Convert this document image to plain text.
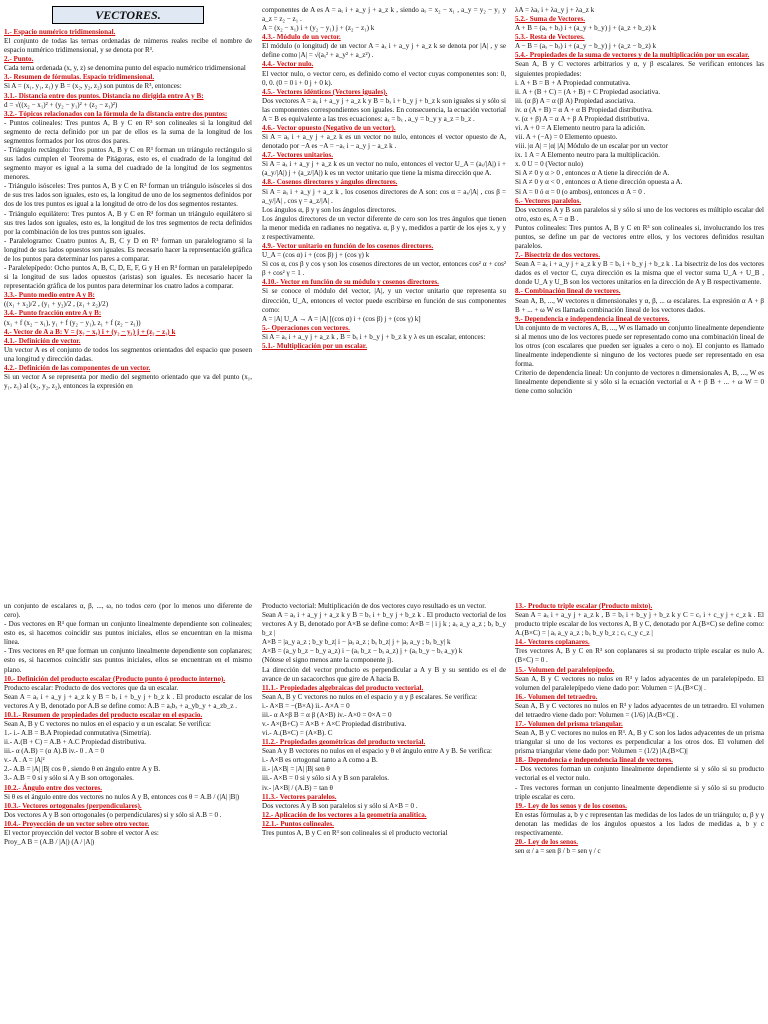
VECTORES.
1.- Espacio numérico tridimensional.
El conjunto de todas las ternas ordenadas de números reales recibe el nombre de espacio numérico tridimensional, y se denota por R³.
2.- Punto.
Cada terna ordenada (x, y, z) se denomina punto del espacio numérico tridimensional
3.- Resumen de fórmulas. Espacio tridimensional.
Si A = (x₁, y₁, z₁) y B = (x₂, y₂, z₂) son puntos de R³, entonces:
3.1.- Distancia entre dos puntos. Distancia no dirigida entre A y B:
d = √((x₂ − x₁)² + (y₂ − y₁)² + (z₂ − z₁)²)
3.2.- Tópicos relacionados con la fórmula de la distancia entre dos puntos:
- Puntos colineales: Tres puntos A, B y C en R³ son colineales si la longitud del segmento de recta definido por un par de ellos es la suma de la longitud de los segmentos formados por los otros dos pares.
- Triángulo rectángulo: Tres puntos A, B y C en R³ forman un triángulo rectángulo si sus lados cumplen el Teorema de Pitágoras, esto es, el cuadrado de la longitud del segmento mayor es igual a la suma del cuadrado de la longitud de los segmentos menores.
- Triángulo isósceles: Tres puntos A, B y C en R³ forman un triángulo isósceles si dos de sus tres lados son iguales, esto es, la longitud de uno de los segmentos definidos por dos de los tres puntos es igual a la longitud de otro de los dos segmentos restantes.
- Triángulo equilátero: Tres puntos A, B y C en R³ forman un triángulo equilátero si sus tres lados son iguales, esto es, la longitud de los tres segmentos de recta definidos por la combinación de los tres puntos son iguales.
- Paralelogramo: Cuatro puntos A, B, C y D en R³ forman un paralelogramo si la longitud de sus lados opuestos son iguales. Es necesario hacer la representación gráfica de los puntos para determinar los pares a comparar.
- Paralelepípedo: Ocho puntos A, B, C, D, E, F, G y H en R³ forman un paralelepípedo si la longitud de sus lados opuestos (aristas) son iguales. Es necesario hacer la representación gráfica de los puntos para determinar los cuatro lados a comparar.
3.3.- Punto medio entre A y B:
((x₁ + x₂)/2 , (y₁ + y₂)/2 , (z₁ + z₂)/2)
3.4.- Punto fracción entre A y B:
(x₁ + f (x₂ − x₁), y₁ + f (y₂ − y₁), z₁ + f (z₂ − z₁))
4.- Vector de A a B: V = (x₂ − x₁) i + (y₂ − y₁) j + (z₂ − z₁) k
4.1.- Definición de vector.
Un vector A es el conjunto de todos los segmentos orientados del espacio que poseen una longitud y dirección dadas.
4.2.- Definición de las componentes de un vector.
Si un vector A se representa por medio del segmento orientado que va del punto (x₁, y₁, z₁) al (x₂, y₂, z₂), entonces la expresión en
componentes de A es A = aₓ i + a_y j + a_z k , siendo aₓ = x₂ − x₁ , a_y = y₂ − y₁ y a_z = z₂ − z₁ .
A = (x₂ − x₁) i + (y₂ − y₁) j + (z₂ − z₁) k
4.3.- Módulo de un vector.
El módulo (o longitud) de un vector A = aₓ i + a_y j + a_z k se denota por |A| , y se define como |A| = √(aₓ² + a_y² + a_z²) .
4.4.- Vector nulo.
El vector nulo, o vector cero, es definido como el vector cuyas componentes son: 0, 0, 0. (0 = 0 i + 0 j + 0 k).
4.5.- Vectores idénticos (Vectores iguales).
Dos vectores A = aₓ i + a_y j + a_z k y B = bₓ i + b_y j + b_z k son iguales si y sólo si las componentes correspondientes son iguales. En consecuencia, la ecuación vectorial A = B es equivalente a las tres ecuaciones: aₓ = bₓ , a_y = b_y y a_z = b_z .
4.6.- Vector opuesto (Negativo de un vector).
Si A = aₓ i + a_y j + a_z k es un vector no nulo, entonces el vector opuesto de A, denotado por −A es −A = −aₓ i − a_y j − a_z k .
4.7.- Vectores unitarios.
Si A = aₓ i + a_y j + a_z k es un vector no nulo, entonces el vector U_A = (aₓ/|A|) i + (a_y/|A|) j + (a_z/|A|) k es un vector unitario que tiene la misma dirección que A.
4.8.- Cosenos directores y ángulos directores.
Si A = aₓ i + a_y j + a_z k , los cosenos directores de A son: cos α = aₓ/|A| , cos β = a_y/|A| , cos γ = a_z/|A| .
Los ángulos α, β y γ son los ángulos directores.
Los ángulos directores de un vector diferente de cero son los tres ángulos que tienen la menor medida en radianes no negativa. α, β y γ, medidos a partir de los ejes x, y y z respectivamente.
4.9.- Vector unitario en función de los cosenos directores.
U_A = (cos α) i + (cos β) j + (cos γ) k
Si cos α, cos β y cos γ son los cosenos directores de un vector, entonces cos² α + cos² β + cos² γ = 1 .
4.10.- Vector en función de su módulo y cosenos directores.
Si se conoce el módulo del vector, |A|, y un vector unitario que representa su dirección, U_A, entonces el vector puede escribirse en función de sus componentes como:
A = |A| U_A → A = |A| [(cos α) i + (cos β) j + (cos γ) k]
5.- Operaciones con vectores.
Si A = aₓ i + a_y j + a_z k , B = bₓ i + b_y j + b_z k y λ es un escalar, entonces:
5.1.- Multiplicación por un escalar.
λA = λaₓ i + λa_y j + λa_z k
5.2.- Suma de Vectores.
A + B = (aₓ + bₓ) i + (a_y + b_y) j + (a_z + b_z) k
5.3.- Resta de Vectores.
A − B = (aₓ − bₓ) i + (a_y − b_y) j + (a_z − b_z) k
5.4.- Propiedades de la suma de vectores y de la multiplicación por un escalar.
Sean A, B y C vectores arbitrarios y α, y β escalares. Se verifican entonces las siguientes propiedades:
i. A + B = B + A Propiedad conmutativa.
ii. A + (B + C) = (A + B) + C Propiedad asociativa.
iii. (α β) A = α (β A) Propiedad asociativa.
iv. α (A + B) = α A + α B Propiedad distributiva.
v. (α + β) A = α A + β A Propiedad distributiva.
vi. A + 0 = A Elemento neutro para la adición.
vii. A + (−A) = 0 Elemento opuesto.
viii. |α A| = |α| |A| Módulo de un escalar por un vector
ix. 1 A = A Elemento neutro para la multiplicación.
x. 0 U = 0 (Vector nulo)
Si A ≠ 0 y α > 0 , entonces α A tiene la dirección de A.
Si A ≠ 0 y α < 0 , entonces α A tiene dirección opuesta a A.
Si A = 0 ó α = 0 (o ambos), entonces α A = 0 .
6.- Vectores paralelos.
Dos vectores A y B son paralelos si y sólo si uno de los vectores es múltiplo escalar del otro, esto es, A = α B .
Puntos colineales: Tres puntos A, B y C en R³ son colineales si, involucrando los tres puntos, se define un par de vectores entre ellos, y los vectores definidos resultan paralelos.
7.- Bisectriz de dos vectores.
Sean A = aₓ i + a_y j + a_z k y B = bₓ i + b_y j + b_z k . La bisectriz de los dos vectores dados es el vector C, cuya dirección es la misma que el vector suma U_A + U_B , donde U_A y U_B son los vectores unitarios en la dirección de A y B respectivamente.
8.- Combinación lineal de vectores.
Sean A, B, ..., W vectores n dimensionales y α, β, ... ω escalares. La expresión α A + β B + ... + ω W es llamada combinación lineal de los vectores dados.
9.- Dependencia e independencia lineal de vectores.
Un conjunto de m vectores A, B, ..., W es llamado un conjunto linealmente dependiente si al menos uno de los vectores puede ser representado como una combinación lineal de los otros (con escalares que pueden ser iguales a cero o no). El conjunto es llamado linealmente independiente si ninguno de los vectores puede ser representado en esa forma.
Criterio de dependencia lineal: Un conjunto de vectores n dimensionales A, B, ..., W es linealmente dependiente si y sólo si la ecuación vectorial α A + β B + ... + ω W = 0 tiene como solución
un conjunto de escalares α, β, ..., ω, no todos cero (por lo menos uno diferente de cero).
- Dos vectores en R³ que forman un conjunto linealmente dependiente son colineales; esto es, si hacemos coincidir sus puntos iniciales, ellos se encuentran en la misma línea.
- Tres vectores en R³ que forman un conjunto linealmente dependiente son coplanares; esto es, si hacemos coincidir sus puntos iniciales, ellos se encuentran en el mismo plano.
10.- Definición del producto escalar (Producto punto ó producto interno).
Producto escalar: Producto de dos vectores que da un escalar.
Sean A = aₓ i + a_y j + a_z k y B = bₓ i + b_y j + b_z k . El producto escalar de los vectores A y B, denotado por A.B se define como: A.B = aₓbₓ + a_yb_y + a_zb_z .
10.1.- Resumen de propiedades del producto escalar en el espacio.
Sean A, B y C vectores no nulos en el espacio y α un escalar. Se verifica:
1.- i.- A.B = B.A Propiedad conmutativa (Simetría).
ii.- A.(B + C) = A.B + A.C Propiedad distributiva.
iii.- α (A.B) = (α A).B iv.- 0 . A = 0
v.- A . A = |A|²
2.- A.B = |A| |B| cos θ , siendo θ en ángulo entre A y B.
3.- A.B = 0 si y sólo si A y B son ortogonales.
10.2.- Ángulo entre dos vectores.
Si θ es el ángulo entre dos vectores no nulos A y B, entonces cos θ = A.B / (|A| |B|)
10.3.- Vectores ortogonales (perpendiculares).
Dos vectores A y B son ortogonales (o perpendiculares) si y sólo si A.B = 0 .
10.4.- Proyección de un vector sobre otro vector.
El vector proyección del vector B sobre el vector A es:
Proy_A B = (A.B / |A|) (A / |A|)
Producto vectorial: Multiplicación de dos vectores cuyo resultado es un vector.
Sean A = aₓ i + a_y j + a_z k y B = bₓ i + b_y j + b_z k . El producto vectorial de los vectores A y B, denotado por A×B se define como: A×B = | i j k ; aₓ a_y a_z ; bₓ b_y b_z |
A×B = |a_y a_z ; b_y b_z| i − |aₓ a_z ; bₓ b_z| j + |aₓ a_y ; bₓ b_y| k
A×B = (a_y b_z − b_y a_z) i − (aₓ b_z − bₓ a_z) j + (aₓ b_y − bₓ a_y) k
(Nótese el signo menos ante la componente j).
La dirección del vector producto es perpendicular a A y B y su sentido es el de avance de un sacacorchos que gire de A hacia B.
11.1.- Propiedades algebraicas del producto vectorial.
Sean A, B y C vectores no nulos en el espacio y α y β escalares. Se verifica:
i.- A×B = −(B×A) ii.- A×A = 0
iii.- α A×β B = α β (A×B) iv.- A×0 = 0×A = 0
v.- A×(B+C) = A×B + A×C Propiedad distributiva.
vi.- A.(B×C) = (A×B). C
11.2.- Propiedades geométricas del producto vectorial.
Sean A y B vectores no nulos en el espacio y θ el ángulo entre A y B. Se verifica:
i.- A×B es ortogonal tanto a A como a B.
ii.- |A×B| = |A| |B| sen θ
iii.- A×B = 0 si y sólo si A y B son paralelos.
iv.- |A×B| / (A.B) = tan θ
11.3.- Vectores paralelos.
Dos vectores A y B son paralelos si y sólo si A×B = 0 .
12.- Aplicación de los vectores a la geometría analítica.
12.1.- Puntos colineales.
Tres puntos A, B y C en R³ son colineales si el producto vectorial
13.- Producto triple escalar (Producto mixto).
Sean A = aₓ i + a_y j + a_z k , B = bₓ i + b_y j + b_z k y C = cₓ i + c_y j + c_z k . El producto triple escalar de los vectores A, B y C, denotado por A.(B×C) se define como: A.(B×C) = | aₓ a_y a_z ; bₓ b_y b_z ; cₓ c_y c_z |
14.- Vectores coplanares.
Tres vectores A, B y C en R³ son coplanares si su producto triple escalar es nulo A.(B×C) = 0 .
15.- Volumen del paralelepípedo.
Sean A, B y C vectores no nulos en R³ y lados adyacentes de un paralelepípedo. El volumen del paralelepípedo viene dado por: Volumen = |A.(B×C)| .
16.- Volumen del tetraedro.
Sean A, B y C vectores no nulos en R³ y lados adyacentes de un tetraedro. El volumen del tetraedro viene dado por: Volumen = (1/6) |A.(B×C)| .
17.- Volumen del prisma triangular.
Sean A, B y C vectores no nulos en R³. A, B y C son los lados adyacentes de un prisma triangular si uno de los vectores es perpendicular a los otros dos. El volumen del prisma triangular viene dado por: Volumen = (1/2) |A.(B×C)|
18.- Dependencia e independencia lineal de vectores.
- Dos vectores forman un conjunto linealmente dependiente si y sólo si su producto vectorial es el vector nulo.
- Tres vectores forman un conjunto linealmente dependiente si y sólo si su producto triple escalar es cero.
19.- Ley de los senos y de los cosenos.
En estas fórmulas a, b y c representan las medidas de los lados de un triángulo; α, β y γ denotan las medidas de los ángulos opuestos a los lados de medidas a, b y c respectivamente.
20.- Ley de los senos.
sen α / a = sen β / b = sen γ / c
